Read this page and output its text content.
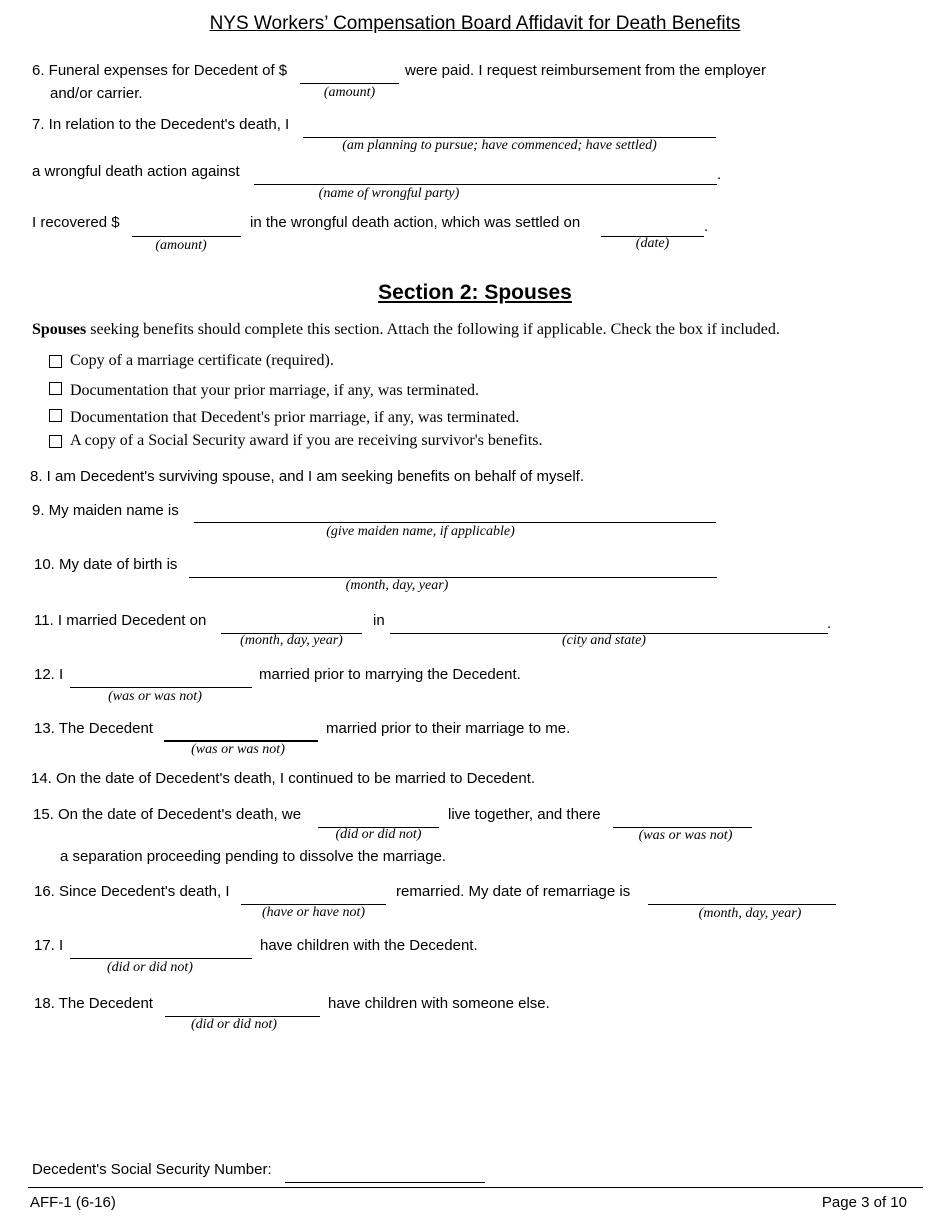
NYS Workers’ Compensation Board Affidavit for Death Benefits
6. Funeral expenses for Decedent of $	were paid. I request reimbursement from the employer
and/or carrier.	(amount)
7. In relation to the Decedent's death, I
(am planning to pursue; have commenced; have settled)
a wrongful death action against	.
(name of wrongful party)
I recovered $	in the wrongful death action, which was settled on	.
(amount)	(date)
Section 2: Spouses
Spouses seeking benefits should complete this section. Attach the following if applicable. Check the box if included.
Copy of a marriage certificate (required).
Documentation that your prior marriage, if any, was terminated.
Documentation that Decedent's prior marriage, if any, was terminated.
A copy of a Social Security award if you are receiving survivor's benefits.
8. I am Decedent's surviving spouse, and I am seeking benefits on behalf of myself.
9. My maiden name is
(give maiden name, if applicable)
10. My date of birth is
(month, day, year)
11. I married Decedent on	in	.
(month, day, year)	(city and state)
12. I	married prior to marrying the Decedent.
(was or was not)
13. The Decedent	married prior to their marriage to me.
(was or was not)
14. On the date of Decedent's death, I continued to be married to Decedent.
15. On the date of Decedent's death, we	live together, and there
(did or did not)	(was or was not)
a separation proceeding pending to dissolve the marriage.
16. Since Decedent's death, I	remarried. My date of remarriage is
(have or have not)	(month, day, year)
17. I	have children with the Decedent.
(did or did not)
18. The Decedent	have children with someone else.
(did or did not)
Decedent's Social Security Number:
AFF-1 (6-16)	Page 3 of 10
